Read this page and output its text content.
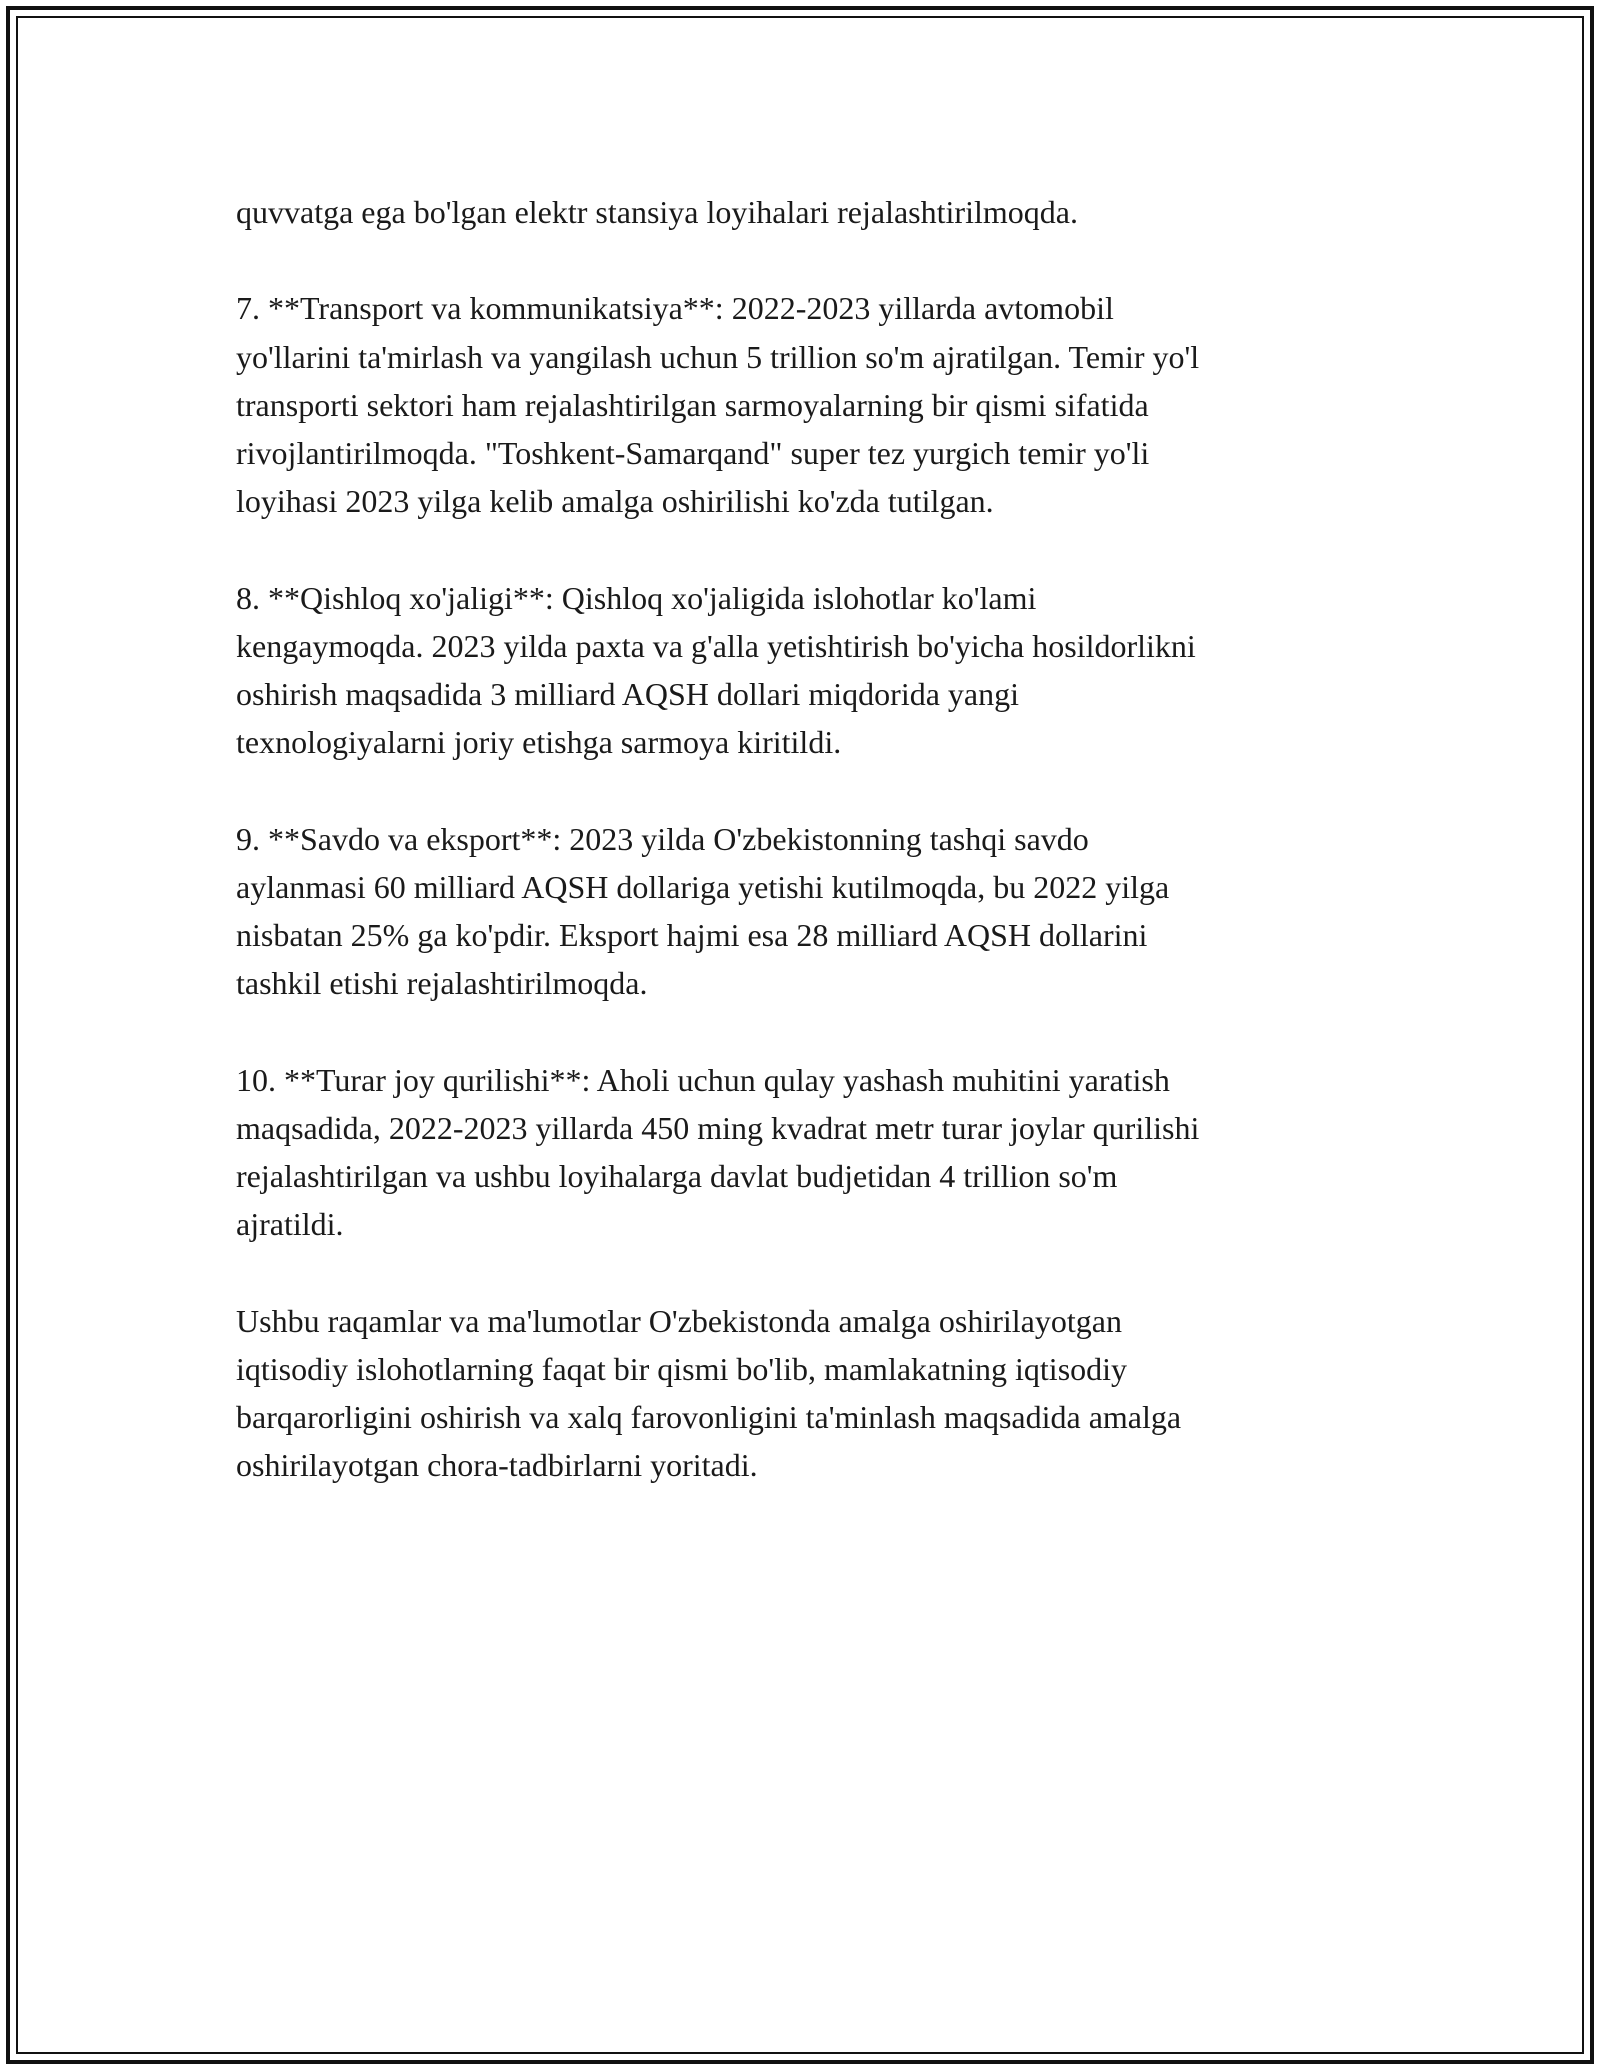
quvvatga ega bo'lgan elektr stansiya loyihalari rejalashtirilmoqda.

7. **Transport va kommunikatsiya**: 2022-2023 yillarda avtomobil
yo'llarini ta'mirlash va yangilash uchun 5 trillion so'm ajratilgan. Temir yo'l
transporti sektori ham rejalashtirilgan sarmoyalarning bir qismi sifatida
rivojlantirilmoqda. "Toshkent-Samarqand" super tez yurgich temir yo'li
loyihasi 2023 yilga kelib amalga oshirilishi ko'zda tutilgan.

8. **Qishloq xo'jaligi**: Qishloq xo'jaligida islohotlar ko'lami
kengaymoqda. 2023 yilda paxta va g'alla yetishtirish bo'yicha hosildorlikni
oshirish maqsadida 3 milliard AQSH dollari miqdorida yangi
texnologiyalarni joriy etishga sarmoya kiritildi.

9. **Savdo va eksport**: 2023 yilda O'zbekistonning tashqi savdo
aylanmasi 60 milliard AQSH dollariga yetishi kutilmoqda, bu 2022 yilga
nisbatan 25% ga ko'pdir. Eksport hajmi esa 28 milliard AQSH dollarini
tashkil etishi rejalashtirilmoqda.

10. **Turar joy qurilishi**: Aholi uchun qulay yashash muhitini yaratish
maqsadida, 2022-2023 yillarda 450 ming kvadrat metr turar joylar qurilishi
rejalashtirilgan va ushbu loyihalarga davlat budjetidan 4 trillion so'm
ajratildi.

Ushbu raqamlar va ma'lumotlar O'zbekistonda amalga oshirilayotgan
iqtisodiy islohotlarning faqat bir qismi bo'lib, mamlakatning iqtisodiy
barqarorligini oshirish va xalq farovonligini ta'minlash maqsadida amalga
oshirilayotgan chora-tadbirlarni yoritadi.
